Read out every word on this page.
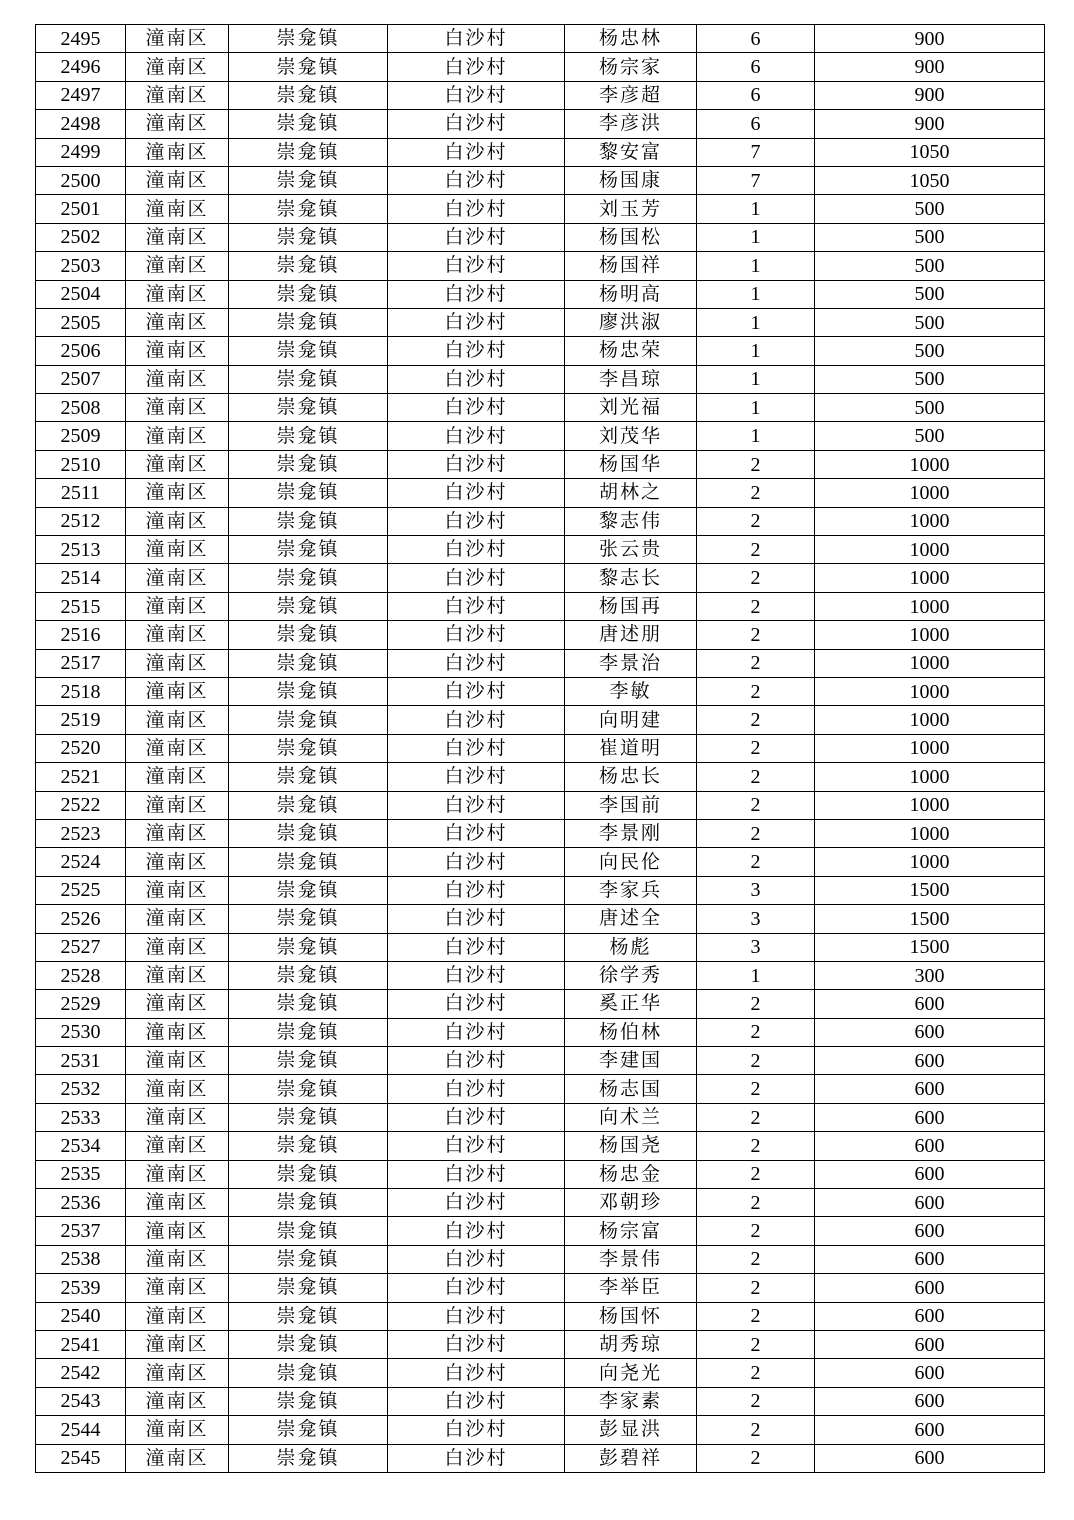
2495	潼南区	崇龛镇	白沙村	杨忠林	6	900
2496	潼南区	崇龛镇	白沙村	杨宗家	6	900
2497	潼南区	崇龛镇	白沙村	李彦超	6	900
2498	潼南区	崇龛镇	白沙村	李彦洪	6	900
2499	潼南区	崇龛镇	白沙村	黎安富	7	1050
2500	潼南区	崇龛镇	白沙村	杨国康	7	1050
2501	潼南区	崇龛镇	白沙村	刘玉芳	1	500
2502	潼南区	崇龛镇	白沙村	杨国松	1	500
2503	潼南区	崇龛镇	白沙村	杨国祥	1	500
2504	潼南区	崇龛镇	白沙村	杨明高	1	500
2505	潼南区	崇龛镇	白沙村	廖洪淑	1	500
2506	潼南区	崇龛镇	白沙村	杨忠荣	1	500
2507	潼南区	崇龛镇	白沙村	李昌琼	1	500
2508	潼南区	崇龛镇	白沙村	刘光福	1	500
2509	潼南区	崇龛镇	白沙村	刘茂华	1	500
2510	潼南区	崇龛镇	白沙村	杨国华	2	1000
2511	潼南区	崇龛镇	白沙村	胡林之	2	1000
2512	潼南区	崇龛镇	白沙村	黎志伟	2	1000
2513	潼南区	崇龛镇	白沙村	张云贵	2	1000
2514	潼南区	崇龛镇	白沙村	黎志长	2	1000
2515	潼南区	崇龛镇	白沙村	杨国再	2	1000
2516	潼南区	崇龛镇	白沙村	唐述朋	2	1000
2517	潼南区	崇龛镇	白沙村	李景治	2	1000
2518	潼南区	崇龛镇	白沙村	李敏	2	1000
2519	潼南区	崇龛镇	白沙村	向明建	2	1000
2520	潼南区	崇龛镇	白沙村	崔道明	2	1000
2521	潼南区	崇龛镇	白沙村	杨忠长	2	1000
2522	潼南区	崇龛镇	白沙村	李国前	2	1000
2523	潼南区	崇龛镇	白沙村	李景刚	2	1000
2524	潼南区	崇龛镇	白沙村	向民伦	2	1000
2525	潼南区	崇龛镇	白沙村	李家兵	3	1500
2526	潼南区	崇龛镇	白沙村	唐述全	3	1500
2527	潼南区	崇龛镇	白沙村	杨彪	3	1500
2528	潼南区	崇龛镇	白沙村	徐学秀	1	300
2529	潼南区	崇龛镇	白沙村	奚正华	2	600
2530	潼南区	崇龛镇	白沙村	杨伯林	2	600
2531	潼南区	崇龛镇	白沙村	李建国	2	600
2532	潼南区	崇龛镇	白沙村	杨志国	2	600
2533	潼南区	崇龛镇	白沙村	向术兰	2	600
2534	潼南区	崇龛镇	白沙村	杨国尧	2	600
2535	潼南区	崇龛镇	白沙村	杨忠金	2	600
2536	潼南区	崇龛镇	白沙村	邓朝珍	2	600
2537	潼南区	崇龛镇	白沙村	杨宗富	2	600
2538	潼南区	崇龛镇	白沙村	李景伟	2	600
2539	潼南区	崇龛镇	白沙村	李举臣	2	600
2540	潼南区	崇龛镇	白沙村	杨国怀	2	600
2541	潼南区	崇龛镇	白沙村	胡秀琼	2	600
2542	潼南区	崇龛镇	白沙村	向尧光	2	600
2543	潼南区	崇龛镇	白沙村	李家素	2	600
2544	潼南区	崇龛镇	白沙村	彭显洪	2	600
2545	潼南区	崇龛镇	白沙村	彭碧祥	2	600
